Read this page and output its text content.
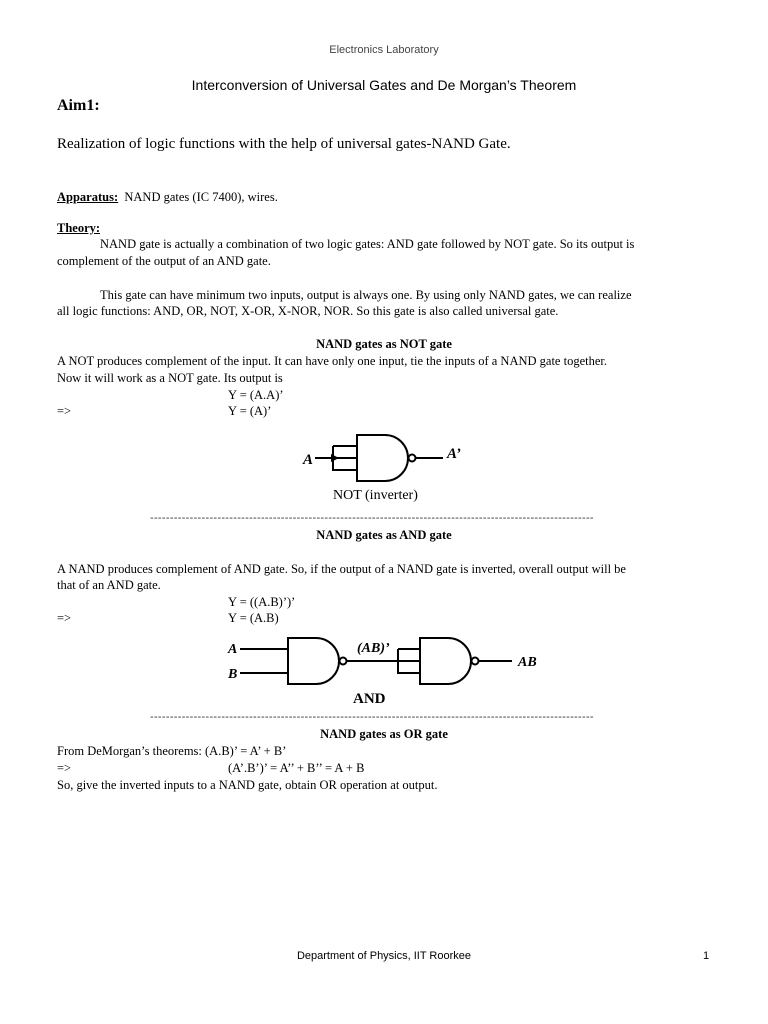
Electronics Laboratory
Interconversion of Universal Gates and De Morgan’s Theorem
Aim1:
Realization of logic functions with the help of universal gates-NAND Gate.
Apparatus: NAND gates (IC 7400), wires.
Theory:
NAND gate is actually a combination of two logic gates: AND gate followed by NOT gate. So its output is
complement of the output of an AND gate.
This gate can have minimum two inputs, output is always one. By using only NAND gates, we can realize
all logic functions: AND, OR, NOT, X-OR, X-NOR, NOR. So this gate is also called universal gate.
NAND gates as NOT gate
A NOT produces complement of the input. It can have only one input, tie the inputs of a NAND gate together.
Now it will work as a NOT gate. Its output is
Y = (A.A)’
=>	Y = (A)’
A	A’
NOT (inverter)
----------------------------------------------------------------------------------------------------------------
NAND gates as AND gate
A NAND produces complement of AND gate. So, if the output of a NAND gate is inverted, overall output will be
that of an AND gate.
Y = ((A.B)’)’
=>	Y = (A.B)
A
B
(AB)’
AB
AND
----------------------------------------------------------------------------------------------------------------
NAND gates as OR gate
From DeMorgan’s theorems: (A.B)’ = A’ + B’
=>	(A’.B’)’ = A’’ + B’’ = A + B
So, give the inverted inputs to a NAND gate, obtain OR operation at output.
Department of Physics, IIT Roorkee	1
